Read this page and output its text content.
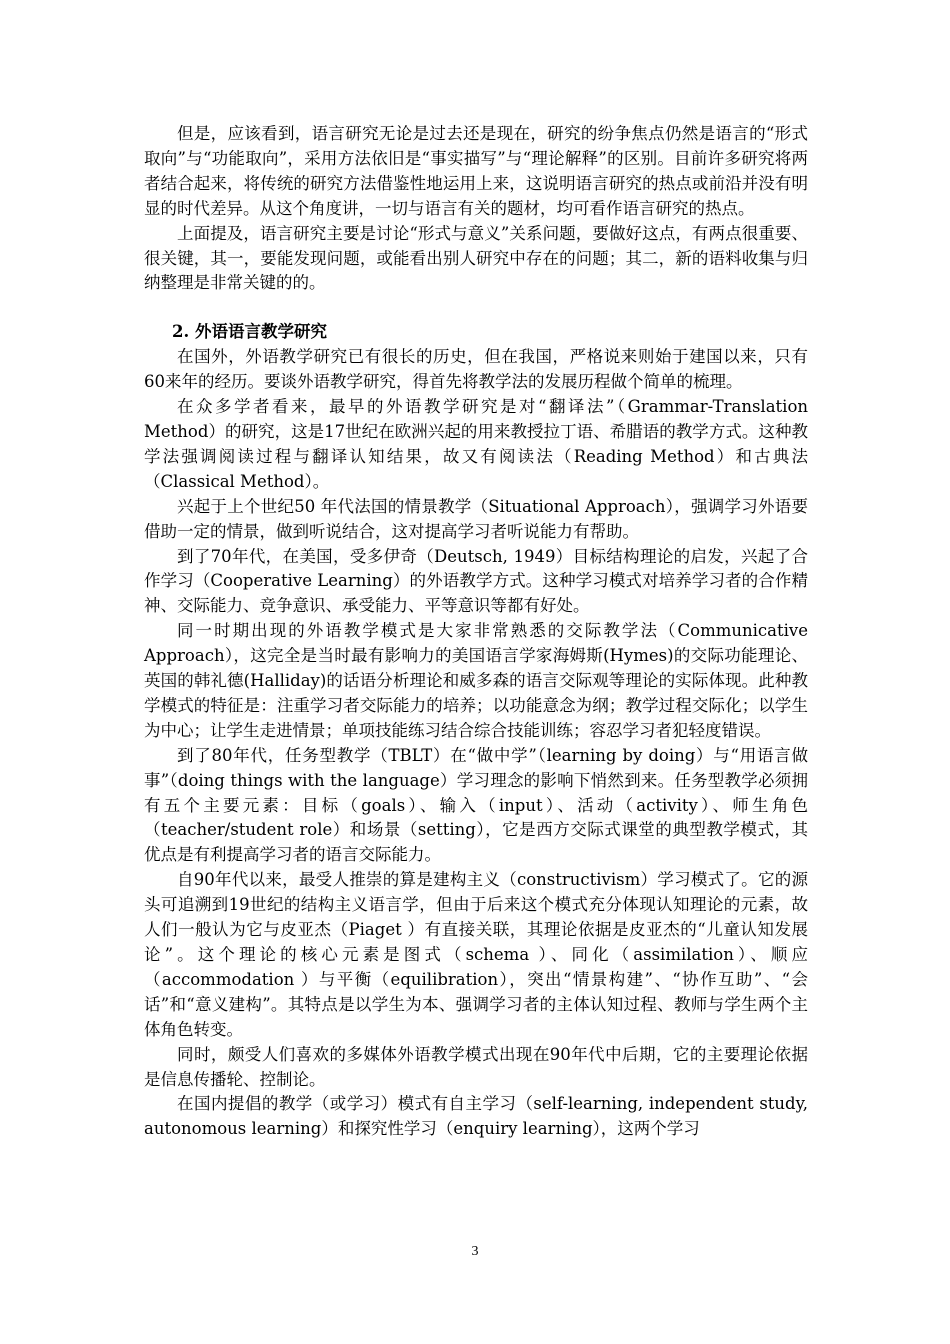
但是，应该看到，语言研究无论是过去还是现在，研究的纷争焦点仍然是语言的“形式取向”与“功能取向”，采用方法依旧是“事实描写”与“理论解释”的区别。目前许多研究将两者结合起来，将传统的研究方法借鉴性地运用上来，这说明语言研究的热点或前沿并没有明显的时代差异。从这个角度讲，一切与语言有关的题材，均可看作语言研究的热点。

上面提及，语言研究主要是讨论“形式与意义”关系问题，要做好这点，有两点很重要、很关键，其一，要能发现问题，或能看出别人研究中存在的问题；其二，新的语料收集与归纳整理是非常关键的的。

2. 外语语言教学研究

在国外，外语教学研究已有很长的历史，但在我国，严格说来则始于建国以来，只有60来年的经历。要谈外语教学研究，得首先将教学法的发展历程做个简单的梳理。

在众多学者看来，最早的外语教学研究是对“翻译法”（Grammar-Translation Method）的研究，这是17世纪在欧洲兴起的用来教授拉丁语、希腊语的教学方式。这种教学法强调阅读过程与翻译认知结果，故又有阅读法（Reading Method）和古典法（Classical Method）。

兴起于上个世纪50 年代法国的情景教学（Situational Approach），强调学习外语要借助一定的情景，做到听说结合，这对提高学习者听说能力有帮助。

到了70年代，在美国，受多伊奇（Deutsch, 1949）目标结构理论的启发，兴起了合作学习（Cooperative Learning）的外语教学方式。这种学习模式对培养学习者的合作精神、交际能力、竞争意识、承受能力、平等意识等都有好处。

同一时期出现的外语教学模式是大家非常熟悉的交际教学法（Communicative Approach），这完全是当时最有影响力的美国语言学家海姆斯(Hymes)的交际功能理论、英国的韩礼德(Halliday)的话语分析理论和威多森的语言交际观等理论的实际体现。此种教学模式的特征是：注重学习者交际能力的培养；以功能意念为纲；教学过程交际化；以学生为中心；让学生走进情景；单项技能练习结合综合技能训练；容忍学习者犯轻度错误。

到了80年代，任务型教学（TBLT）在“做中学”（learning by doing）与“用语言做事”（doing things with the language）学习理念的影响下悄然到来。任务型教学必须拥有五个主要元素：目标（goals）、输入（input）、活动（activity）、师生角色（teacher/student role）和场景（setting），它是西方交际式课堂的典型教学模式，其优点是有利提高学习者的语言交际能力。

自90年代以来，最受人推崇的算是建构主义（constructivism）学习模式了。它的源头可追溯到19世纪的结构主义语言学，但由于后来这个模式充分体现认知理论的元素，故人们一般认为它与皮亚杰（Piaget ）有直接关联，其理论依据是皮亚杰的“儿童认知发展论”。这个理论的核心元素是图式（schema ）、同化（assimilation）、顺应（accommodation ）与平衡（equilibration），突出“情景构建”、“协作互助”、“会话”和“意义建构”。其特点是以学生为本、强调学习者的主体认知过程、教师与学生两个主体角色转变。

同时，颇受人们喜欢的多媒体外语教学模式出现在90年代中后期，它的主要理论依据是信息传播轮、控制论。

在国内提倡的教学（或学习）模式有自主学习（self-learning, independent study, autonomous learning）和探究性学习（enquiry learning），这两个学习

3
